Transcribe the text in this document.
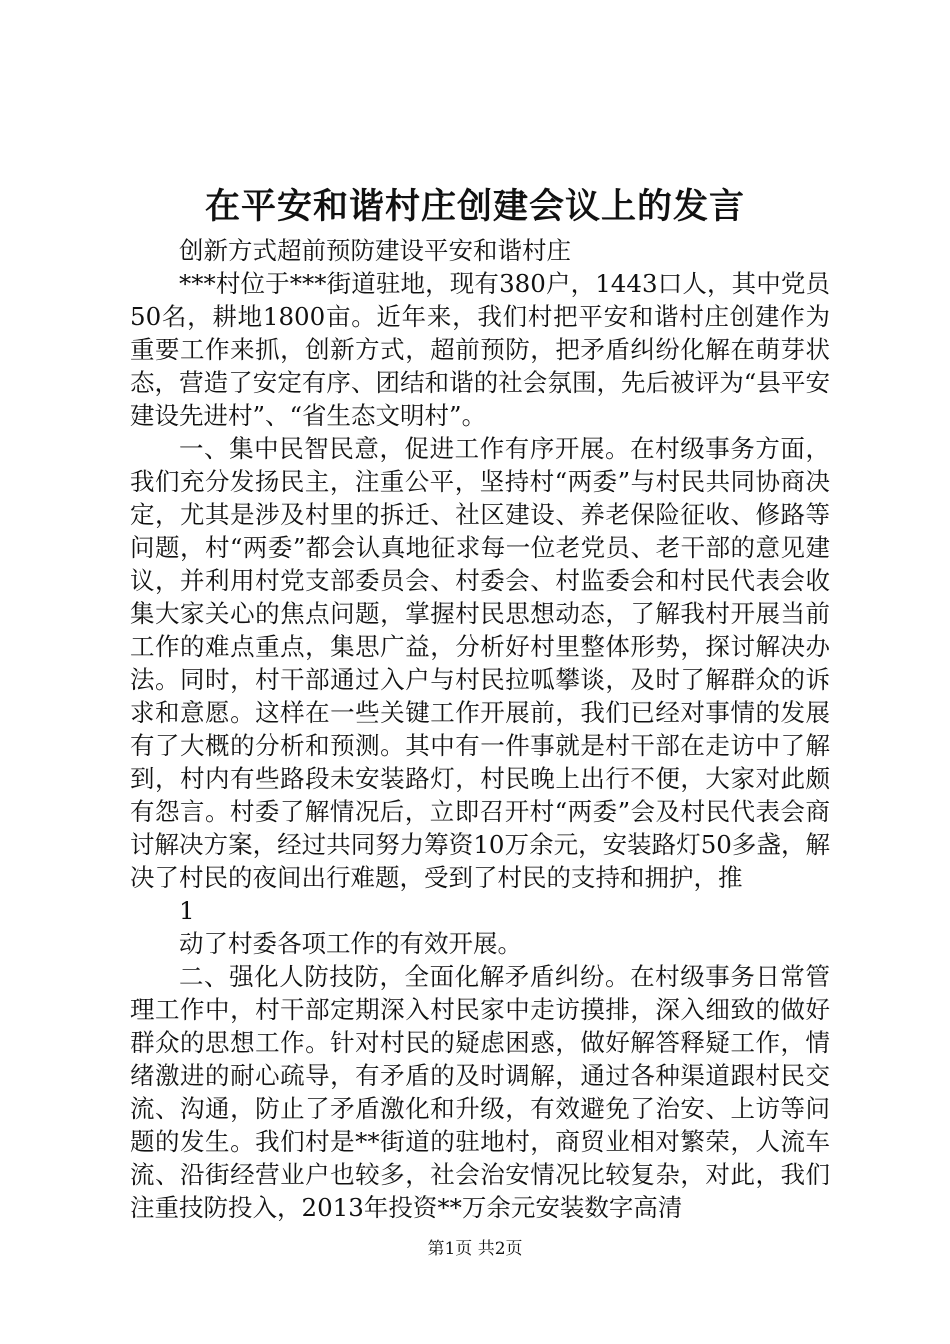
在平安和谐村庄创建会议上的发言

创新方式超前预防建设平安和谐村庄

***村位于***街道驻地，现有380户，1443口人，其中党员50名，耕地1800亩。近年来，我们村把平安和谐村庄创建作为重要工作来抓，创新方式，超前预防，把矛盾纠纷化解在萌芽状态，营造了安定有序、团结和谐的社会氛围，先后被评为“县平安建设先进村”、“省生态文明村”。

一、集中民智民意，促进工作有序开展。在村级事务方面，我们充分发扬民主，注重公平，坚持村“两委”与村民共同协商决定，尤其是涉及村里的拆迁、社区建设、养老保险征收、修路等问题，村“两委”都会认真地征求每一位老党员、老干部的意见建议，并利用村党支部委员会、村委会、村监委会和村民代表会收集大家关心的焦点问题，掌握村民思想动态，了解我村开展当前工作的难点重点，集思广益，分析好村里整体形势，探讨解决办法。同时，村干部通过入户与村民拉呱攀谈，及时了解群众的诉求和意愿。这样在一些关键工作开展前，我们已经对事情的发展有了大概的分析和预测。其中有一件事就是村干部在走访中了解到，村内有些路段未安装路灯，村民晚上出行不便，大家对此颇有怨言。村委了解情况后，立即召开村“两委”会及村民代表会商讨解决方案，经过共同努力筹资10万余元，安装路灯50多盏，解决了村民的夜间出行难题，受到了村民的支持和拥护，推

1

动了村委各项工作的有效开展。

二、强化人防技防，全面化解矛盾纠纷。在村级事务日常管理工作中，村干部定期深入村民家中走访摸排，深入细致的做好群众的思想工作。针对村民的疑虑困惑，做好解答释疑工作，情绪激进的耐心疏导，有矛盾的及时调解，通过各种渠道跟村民交流、沟通，防止了矛盾激化和升级，有效避免了治安、上访等问题的发生。我们村是**街道的驻地村，商贸业相对繁荣，人流车流、沿街经营业户也较多，社会治安情况比较复杂，对此，我们注重技防投入，2013年投资**万余元安装数字高清

第1页 共2页
